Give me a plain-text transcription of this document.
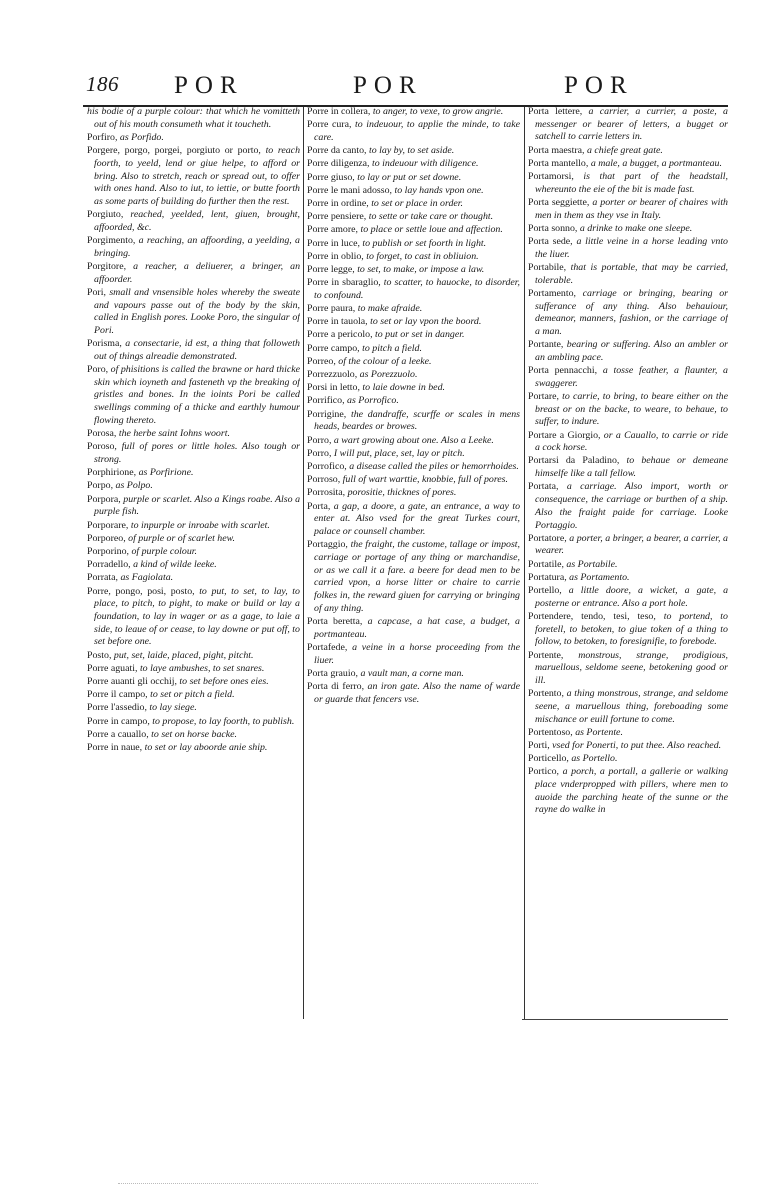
186 POR	POR	POR

his bodie of a purple colour: that which he vomitteth out of his mouth consumeth what it toucheth.

Porfiro, as Porfido.

Porgere, porgo, porgei, porgiuto or porto, to reach foorth, to yeeld, lend or giue helpe, to afford or bring. Also to stretch, reach or spread out, to offer with ones hand. Also to iut, to iettie, or butte foorth as some parts of building do further then the rest.

Porgiuto, reached, yeelded, lent, giuen, brought, affoorded, &c.

Porgimento, a reaching, an affoording, a yeelding, a bringing.

Porgitore, a reacher, a deliuerer, a bringer, an affoorder.

Pori, small and vnsensible holes whereby the sweate and vapours passe out of the body by the skin, called in English pores. Looke Poro, the singular of Pori.

Porisma, a consectarie, id est, a thing that followeth out of things alreadie demonstrated.

Poro, of phisitions is called the brawne or hard thicke skin which ioyneth and fasteneth vp the breaking of gristles and bones. In the ioints Pori be called swellings comming of a thicke and earthly humour flowing thereto.

Porosa, the herbe saint Iohns woort.

Poroso, full of pores or little holes. Also tough or strong.

Porphirione, as Porfirione.

Porpo, as Polpo.

Porpora, purple or scarlet. Also a Kings roabe. Also a purple fish.

Porporare, to inpurple or inroabe with scarlet.

Porporeo, of purple or of scarlet hew.

Porporino, of purple colour.

Porradello, a kind of wilde leeke.

Porrata, as Fagiolata.

Porre, pongo, posi, posto, to put, to set, to lay, to place, to pitch, to pight, to make or build or lay a foundation, to lay in wager or as a gage, to laie a side, to leaue of or cease, to lay downe or put off, to set before one.

Posto, put, set, laide, placed, pight, pitcht.

Porre aguati, to laye ambushes, to set snares.

Porre auanti gli occhij, to set before ones eies.

Porre il campo, to set or pitch a field.

Porre l'assedio, to lay siege.

Porre in campo, to propose, to lay foorth, to publish.

Porre a cauallo, to set on horse backe.

Porre in naue, to set or lay aboorde anie ship.

Porre in collera, to anger, to vexe, to grow angrie.

Porre cura, to indeuour, to applie the minde, to take care.

Porre da canto, to lay by, to set aside.

Porre diligenza, to indeuour with diligence.

Porre giuso, to lay or put or set downe.

Porre le mani adosso, to lay hands vpon one.

Porre in ordine, to set or place in order.

Porre pensiere, to sette or take care or thought.

Porre amore, to place or settle loue and affection.

Porre in luce, to publish or set foorth in light.

Porre in oblio, to forget, to cast in obliuion.

Porre legge, to set, to make, or impose a law.

Porre in sbaraglio, to scatter, to hauocke, to disorder, to confound.

Porre paura, to make afraide.

Porre in tauola, to set or lay vpon the boord.

Porre a pericolo, to put or set in danger.

Porre campo, to pitch a field.

Porreo, of the colour of a leeke.

Porrezzuolo, as Porezzuolo.

Porsi in letto, to laie downe in bed.

Porrifico, as Porrofico.

Porrigine, the dandraffe, scurffe or scales in mens heads, beardes or browes.

Porro, a wart growing about one. Also a Leeke.

Porro, I will put, place, set, lay or pitch.

Porrofico, a disease called the piles or hemorrhoides.

Porroso, full of wart warttie, knobbie, full of pores.

Porrosita, porositie, thicknes of pores.

Porta, a gap, a doore, a gate, an entrance, a way to enter at. Also vsed for the great Turkes court, palace or counsell chamber.

Portaggio, the fraight, the custome, tallage or impost, carriage or portage of any thing or marchandise, or as we call it a fare. a beere for dead men to be carried vpon, a horse litter or chaire to carrie folkes in, the reward giuen for carrying or bringing of any thing.

Porta beretta, a capcase, a hat case, a budget, a portmanteau.

Portafede, a veine in a horse proceeding from the liuer.

Porta grauio, a vault man, a corne man.

Porta di ferro, an iron gate. Also the name of warde or guarde that fencers vse.

Porta lettere, a carrier, a currier, a poste, a messenger or bearer of letters, a bugget or satchell to carrie letters in.

Porta maestra, a chiefe great gate.

Porta mantello, a male, a bugget, a portmanteau.

Portamorsi, is that part of the headstall, whereunto the eie of the bit is made fast.

Porta seggiette, a porter or bearer of chaires with men in them as they vse in Italy.

Porta sonno, a drinke to make one sleepe.

Porta sede, a little veine in a horse leading vnto the liuer.

Portabile, that is portable, that may be carried, tolerable.

Portamento, carriage or bringing, bearing or sufferance of any thing. Also behauiour, demeanor, manners, fashion, or the carriage of a man.

Portante, bearing or suffering. Also an ambler or an ambling pace.

Porta pennacchi, a tosse feather, a flaunter, a swaggerer.

Portare, to carrie, to bring, to beare either on the breast or on the backe, to weare, to behaue, to suffer, to indure.

Portare a Giorgio, or a Cauallo, to carrie or ride a cock horse.

Portarsi da Paladino, to behaue or demeane himselfe like a tall fellow.

Portata, a carriage. Also import, worth or consequence, the carriage or burthen of a ship. Also the fraight paide for carriage. Looke Portaggio.

Portatore, a porter, a bringer, a bearer, a carrier, a wearer.

Portatile, as Portabile.

Portatura, as Portamento.

Portello, a little doore, a wicket, a gate, a posterne or entrance. Also a port hole.

Portendere, tendo, tesi, teso, to portend, to foretell, to betoken, to giue token of a thing to follow, to betoken, to foresignifie, to forebode.

Portente, monstrous, strange, prodigious, maruellous, seldome seene, betokening good or ill.

Portento, a thing monstrous, strange, and seldome seene, a maruellous thing, foreboading some mischance or euill fortune to come.

Portentoso, as Portente.

Porti, vsed for Ponerti, to put thee. Also reached.

Porticello, as Portello.

Portico, a porch, a portall, a gallerie or walking place vnderpropped with pillers, where men to auoide the parching heate of the sunne or the rayne do walke in
